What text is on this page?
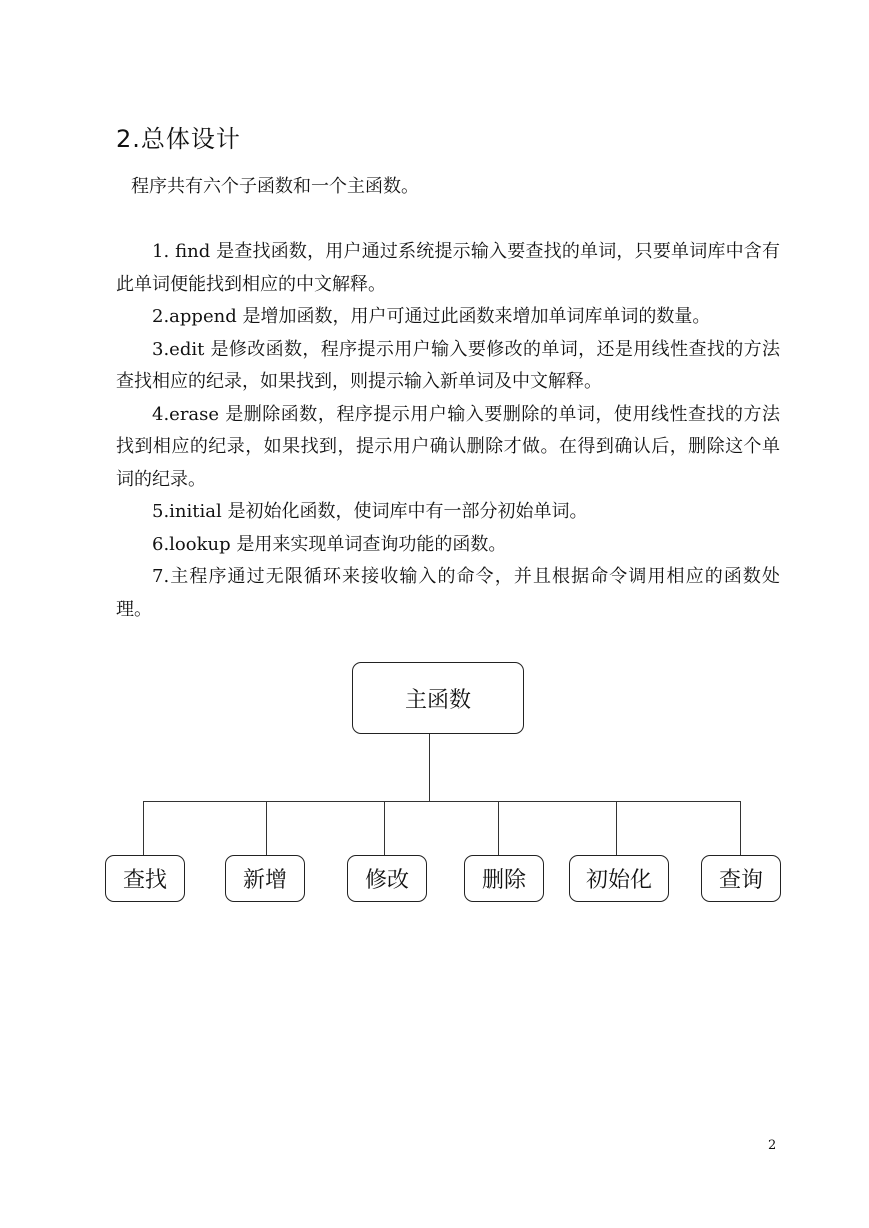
2.总体设计

程序共有六个子函数和一个主函数。

1. find 是查找函数，用户通过系统提示输入要查找的单词，只要单词库中含有此单词便能找到相应的中文解释。

2.append 是增加函数，用户可通过此函数来增加单词库单词的数量。

3.edit 是修改函数，程序提示用户输入要修改的单词，还是用线性查找的方法查找相应的纪录，如果找到，则提示输入新单词及中文解释。

4.erase 是删除函数，程序提示用户输入要删除的单词，使用线性查找的方法找到相应的纪录，如果找到，提示用户确认删除才做。在得到确认后，删除这个单词的纪录。

5.initial 是初始化函数，使词库中有一部分初始单词。

6.lookup 是用来实现单词查询功能的函数。

7.主程序通过无限循环来接收输入的命令，并且根据命令调用相应的函数处理。

主函数
查找	新增	修改	删除	初始化	查询
2
